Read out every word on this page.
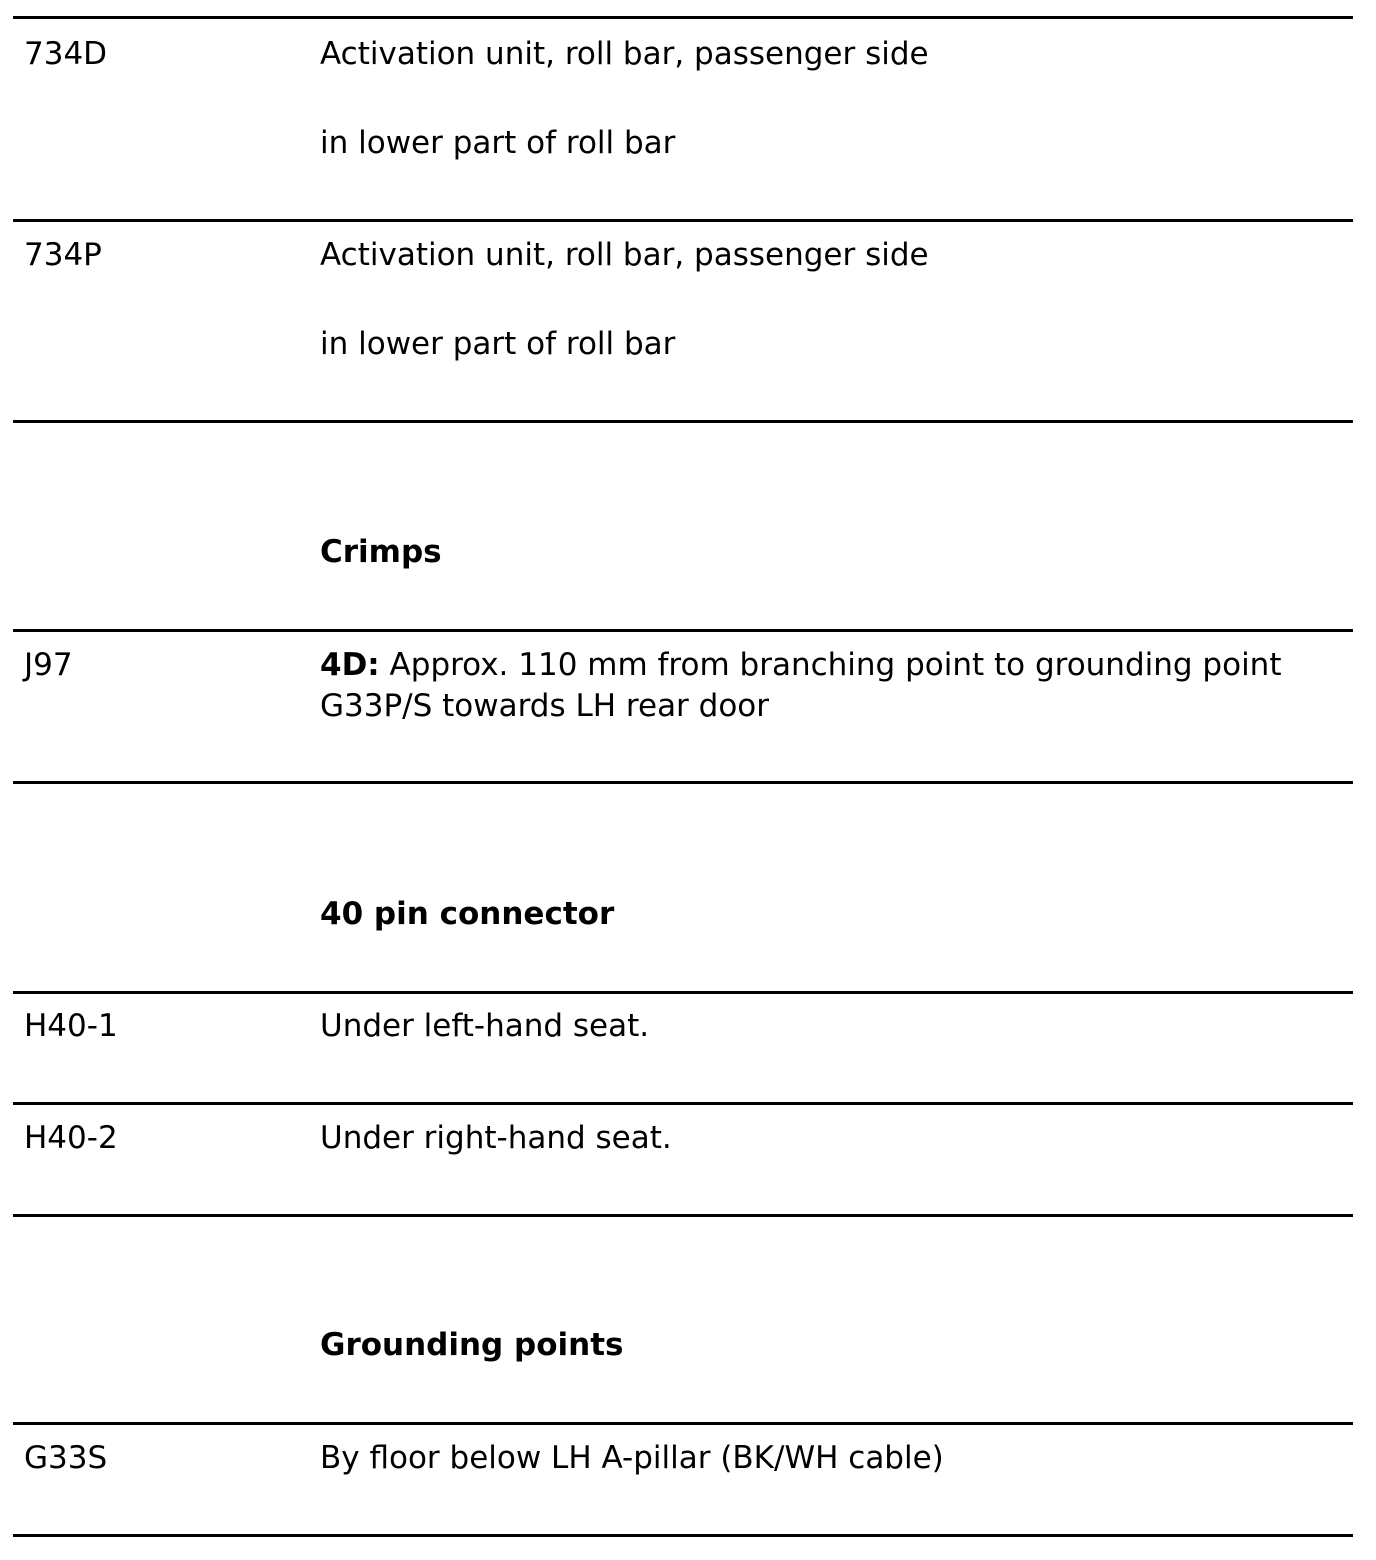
734D	Activation unit, roll bar, passenger side
in lower part of roll bar
734P	Activation unit, roll bar, passenger side
in lower part of roll bar
Crimps
J97	4D: Approx. 110 mm from branching point to grounding point G33P/S towards LH rear door
40 pin connector
H40-1	Under left-hand seat.
H40-2	Under right-hand seat.
Grounding points
G33S	By floor below LH A-pillar (BK/WH cable)
